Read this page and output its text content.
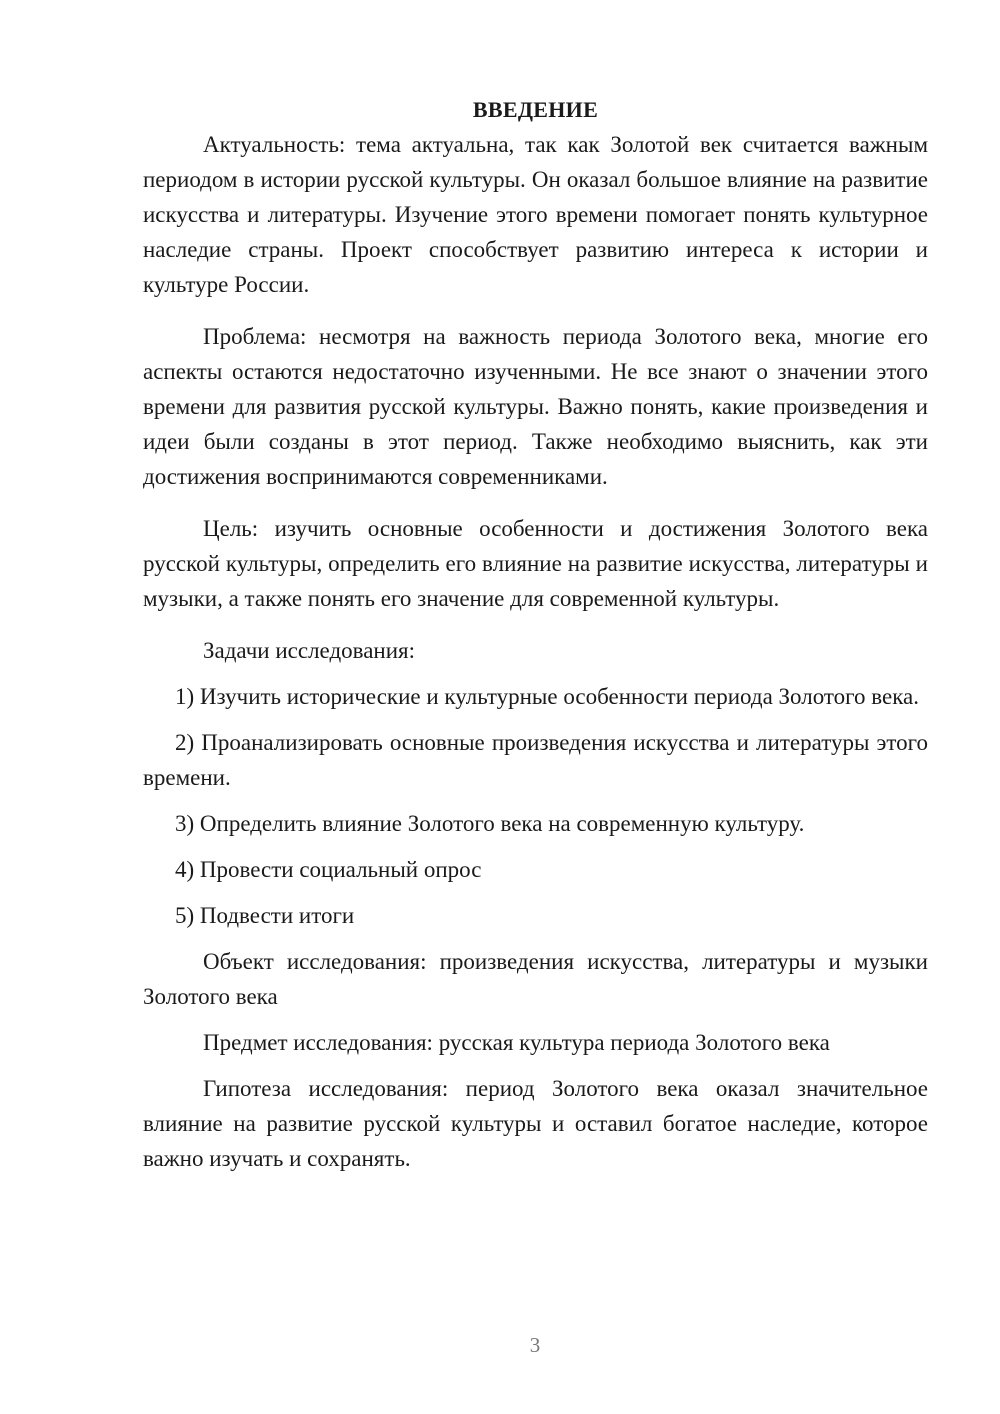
ВВЕДЕНИЕ

Актуальность: тема актуальна, так как Золотой век считается важным периодом в истории русской культуры. Он оказал большое влияние на развитие искусства и литературы. Изучение этого времени помогает понять культурное наследие страны. Проект способствует развитию интереса к истории и культуре России.

Проблема: несмотря на важность периода Золотого века, многие его аспекты остаются недостаточно изученными. Не все знают о значении этого времени для развития русской культуры. Важно понять, какие произведения и идеи были созданы в этот период. Также необходимо выяснить, как эти достижения воспринимаются современниками.

Цель: изучить основные особенности и достижения Золотого века русской культуры, определить его влияние на развитие искусства, литературы и музыки, а также понять его значение для современной культуры.

Задачи исследования:

1) Изучить исторические и культурные особенности периода Золотого века.

2) Проанализировать основные произведения искусства и литературы этого времени.

3) Определить влияние Золотого века на современную культуру.

4) Провести социальный опрос

5) Подвести итоги

Объект исследования: произведения искусства, литературы и музыки Золотого века

Предмет исследования: русская культура периода Золотого века

Гипотеза исследования: период Золотого века оказал значительное влияние на развитие русской культуры и оставил богатое наследие, которое важно изучать и сохранять.

3
